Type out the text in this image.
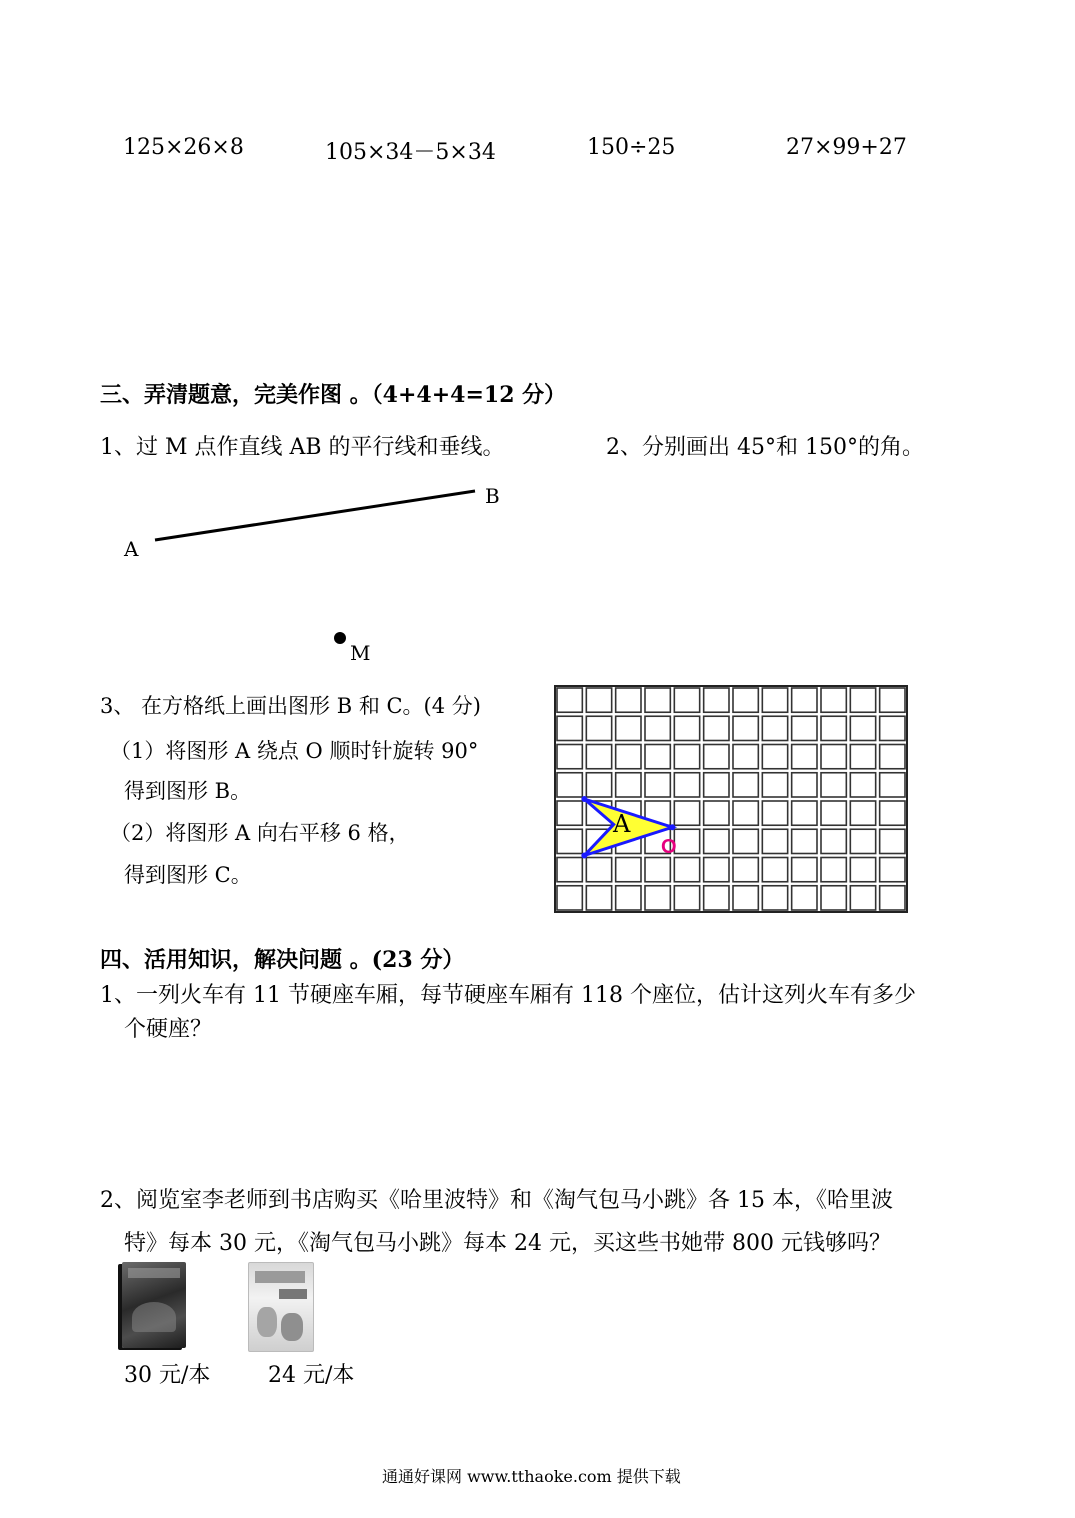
125×26×8	105×34－5×34	150÷25	27×99+27
三、弄清题意，完美作图 。（4+4+4=12 分）
1、过 M 点作直线 AB 的平行线和垂线。	2、分别画出 45°和 150°的角。
B
A
M
3、 在方格纸上画出图形 B 和 C。(4 分)
（1）将图形 A 绕点 O 顺时针旋转 90°
得到图形 B。
（2）将图形 A 向右平移 6 格，
得到图形 C。
A
O
四、活用知识，解决问题 。(23 分）
1、一列火车有 11 节硬座车厢，每节硬座车厢有 118 个座位，估计这列火车有多少
个硬座？
2、阅览室李老师到书店购买《哈里波特》和《淘气包马小跳》各 15 本，《哈里波
特》每本 30 元，《淘气包马小跳》每本 24 元，买这些书她带 800 元钱够吗？
30 元/本	24 元/本
通通好课网 www.tthaoke.com 提供下载
